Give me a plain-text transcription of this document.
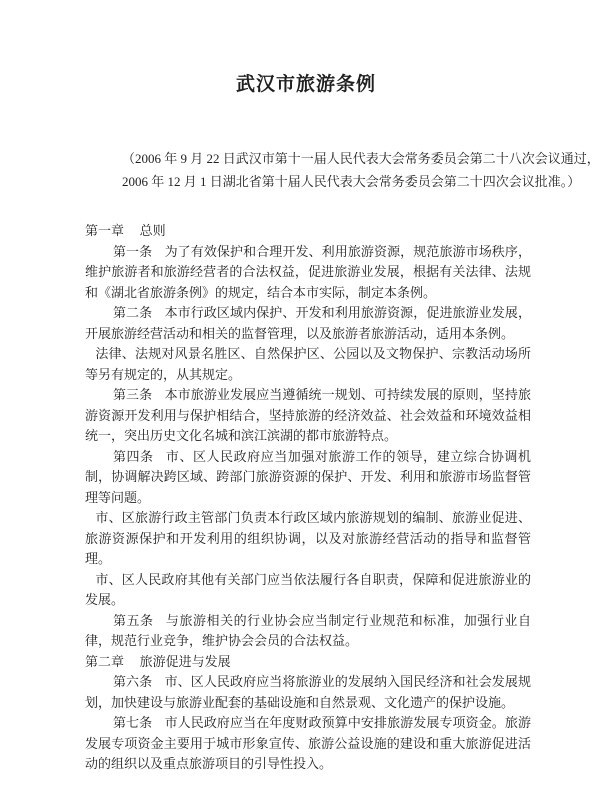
武汉市旅游条例
（2006 年 9 月 22 日武汉市第十一届人民代表大会常务委员会第二十八次会议通过，
2006 年 12 月 1 日湖北省第十届人民代表大会常务委员会第二十四次会议批准。）

第一章 总则

第一条 为了有效保护和合理开发、利用旅游资源，规范旅游市场秩序，维护旅游者和旅游经营者的合法权益，促进旅游业发展，根据有关法律、法规和《湖北省旅游条例》的规定，结合本市实际，制定本条例。

第二条 本市行政区域内保护、开发和利用旅游资源，促进旅游业发展，开展旅游经营活动和相关的监督管理，以及旅游者旅游活动，适用本条例。

法律、法规对风景名胜区、自然保护区、公园以及文物保护、宗教活动场所等另有规定的，从其规定。

第三条 本市旅游业发展应当遵循统一规划、可持续发展的原则，坚持旅游资源开发利用与保护相结合，坚持旅游的经济效益、社会效益和环境效益相统一，突出历史文化名城和滨江滨湖的都市旅游特点。

第四条 市、区人民政府应当加强对旅游工作的领导，建立综合协调机制，协调解决跨区域、跨部门旅游资源的保护、开发、利用和旅游市场监督管理等问题。

市、区旅游行政主管部门负责本行政区域内旅游规划的编制、旅游业促进、旅游资源保护和开发利用的组织协调，以及对旅游经营活动的指导和监督管理。

市、区人民政府其他有关部门应当依法履行各自职责，保障和促进旅游业的发展。

第五条 与旅游相关的行业协会应当制定行业规范和标准，加强行业自律，规范行业竞争，维护协会会员的合法权益。

第二章 旅游促进与发展

第六条 市、区人民政府应当将旅游业的发展纳入国民经济和社会发展规划，加快建设与旅游业配套的基础设施和自然景观、文化遗产的保护设施。

第七条 市人民政府应当在年度财政预算中安排旅游发展专项资金。旅游发展专项资金主要用于城市形象宣传、旅游公益设施的建设和重大旅游促进活动的组织以及重点旅游项目的引导性投入。
